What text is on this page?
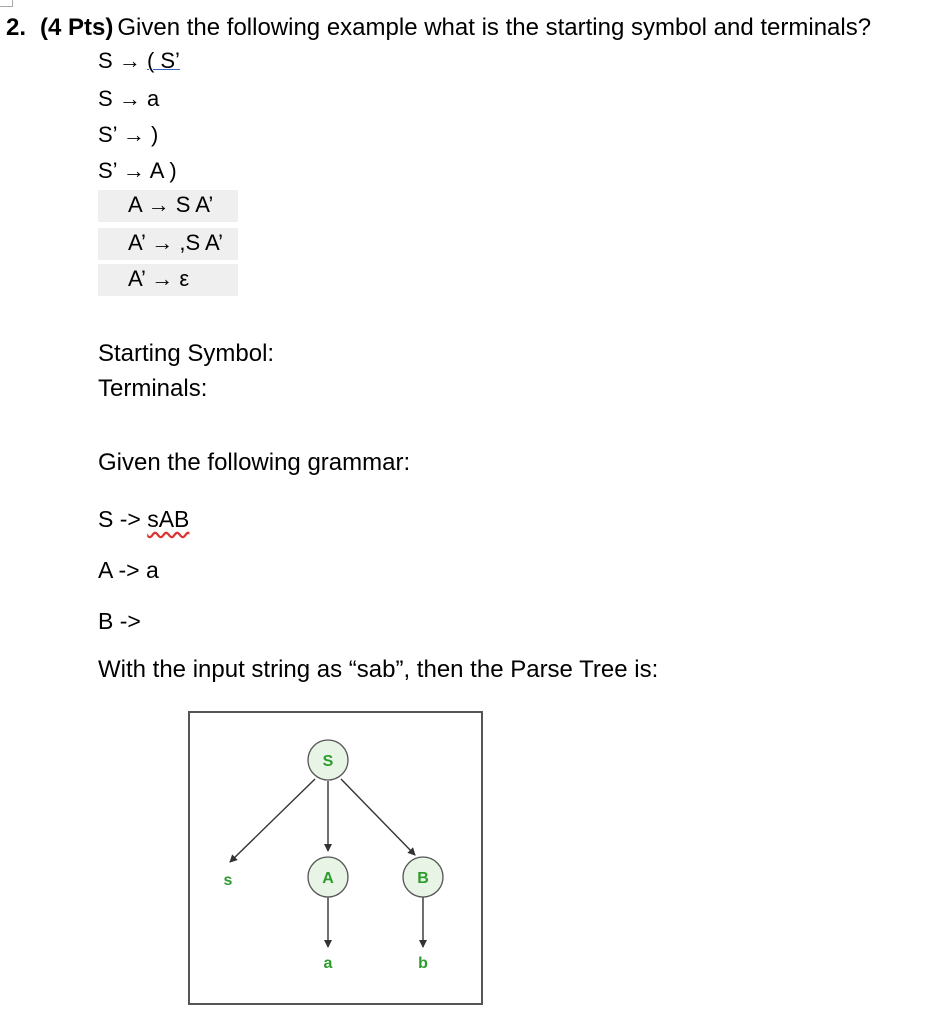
2. (4 Pts) Given the following example what is the starting symbol and terminals?
S → ( S’
S → a
S’ → )
S’ → A )
A → S A’
A’ → ,S A’
A’ → ε
Starting Symbol:
Terminals:
Given the following grammar:
S -> sAB
A -> a
B ->
With the input string as “sab”, then the Parse Tree is:
S
s	A	B
a	b
